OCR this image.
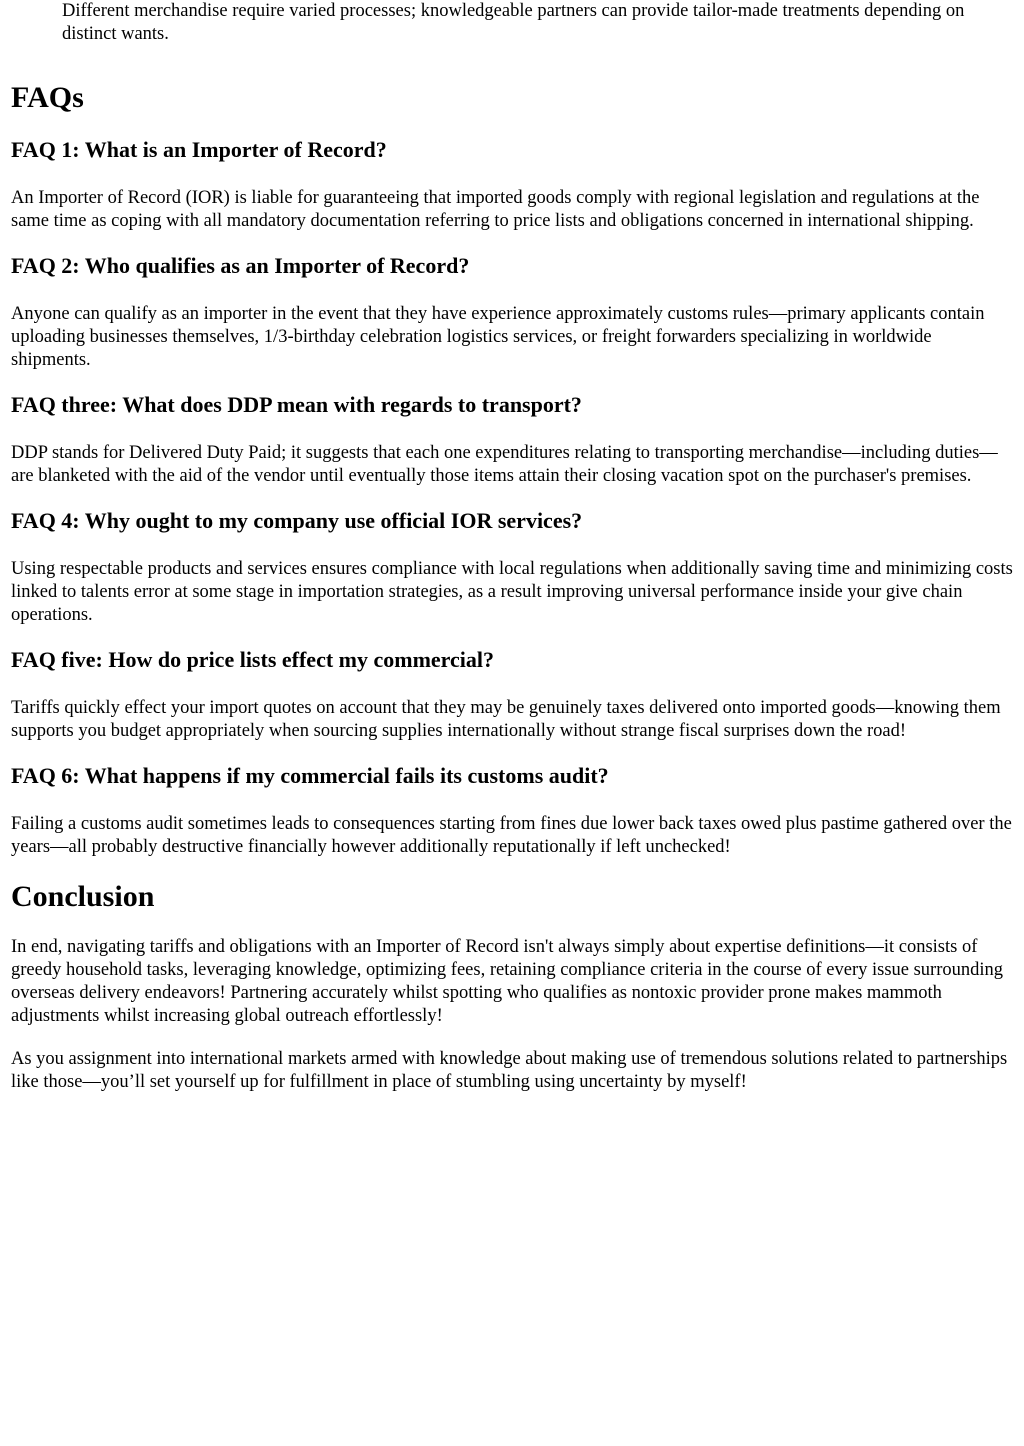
Different merchandise require varied processes; knowledgeable partners can provide tailor-made treatments depending on distinct wants.

FAQs
FAQ 1: What is an Importer of Record?

An Importer of Record (IOR) is liable for guaranteeing that imported goods comply with regional legislation and regulations at the same time as coping with all mandatory documentation referring to price lists and obligations concerned in international shipping.

FAQ 2: Who qualifies as an Importer of Record?

Anyone can qualify as an importer in the event that they have experience approximately customs rules—primary applicants contain uploading businesses themselves, 1/3-birthday celebration logistics services, or freight forwarders specializing in worldwide shipments.

FAQ three: What does DDP mean with regards to transport?

DDP stands for Delivered Duty Paid; it suggests that each one expenditures relating to transporting merchandise—including duties—are blanketed with the aid of the vendor until eventually those items attain their closing vacation spot on the purchaser's premises.

FAQ 4: Why ought to my company use official IOR services?

Using respectable products and services ensures compliance with local regulations when additionally saving time and minimizing costs linked to talents error at some stage in importation strategies, as a result improving universal performance inside your give chain operations.

FAQ five: How do price lists effect my commercial?

Tariffs quickly effect your import quotes on account that they may be genuinely taxes delivered onto imported goods—knowing them supports you budget appropriately when sourcing supplies internationally without strange fiscal surprises down the road!

FAQ 6: What happens if my commercial fails its customs audit?

Failing a customs audit sometimes leads to consequences starting from fines due lower back taxes owed plus pastime gathered over the years—all probably destructive financially however additionally reputationally if left unchecked!

Conclusion

In end, navigating tariffs and obligations with an Importer of Record isn't always simply about expertise definitions—it consists of greedy household tasks, leveraging knowledge, optimizing fees, retaining compliance criteria in the course of every issue surrounding overseas delivery endeavors! Partnering accurately whilst spotting who qualifies as nontoxic provider prone makes mammoth adjustments whilst increasing global outreach effortlessly!

As you assignment into international markets armed with knowledge about making use of tremendous solutions related to partnerships like those—you’ll set yourself up for fulfillment in place of stumbling using uncertainty by myself!
